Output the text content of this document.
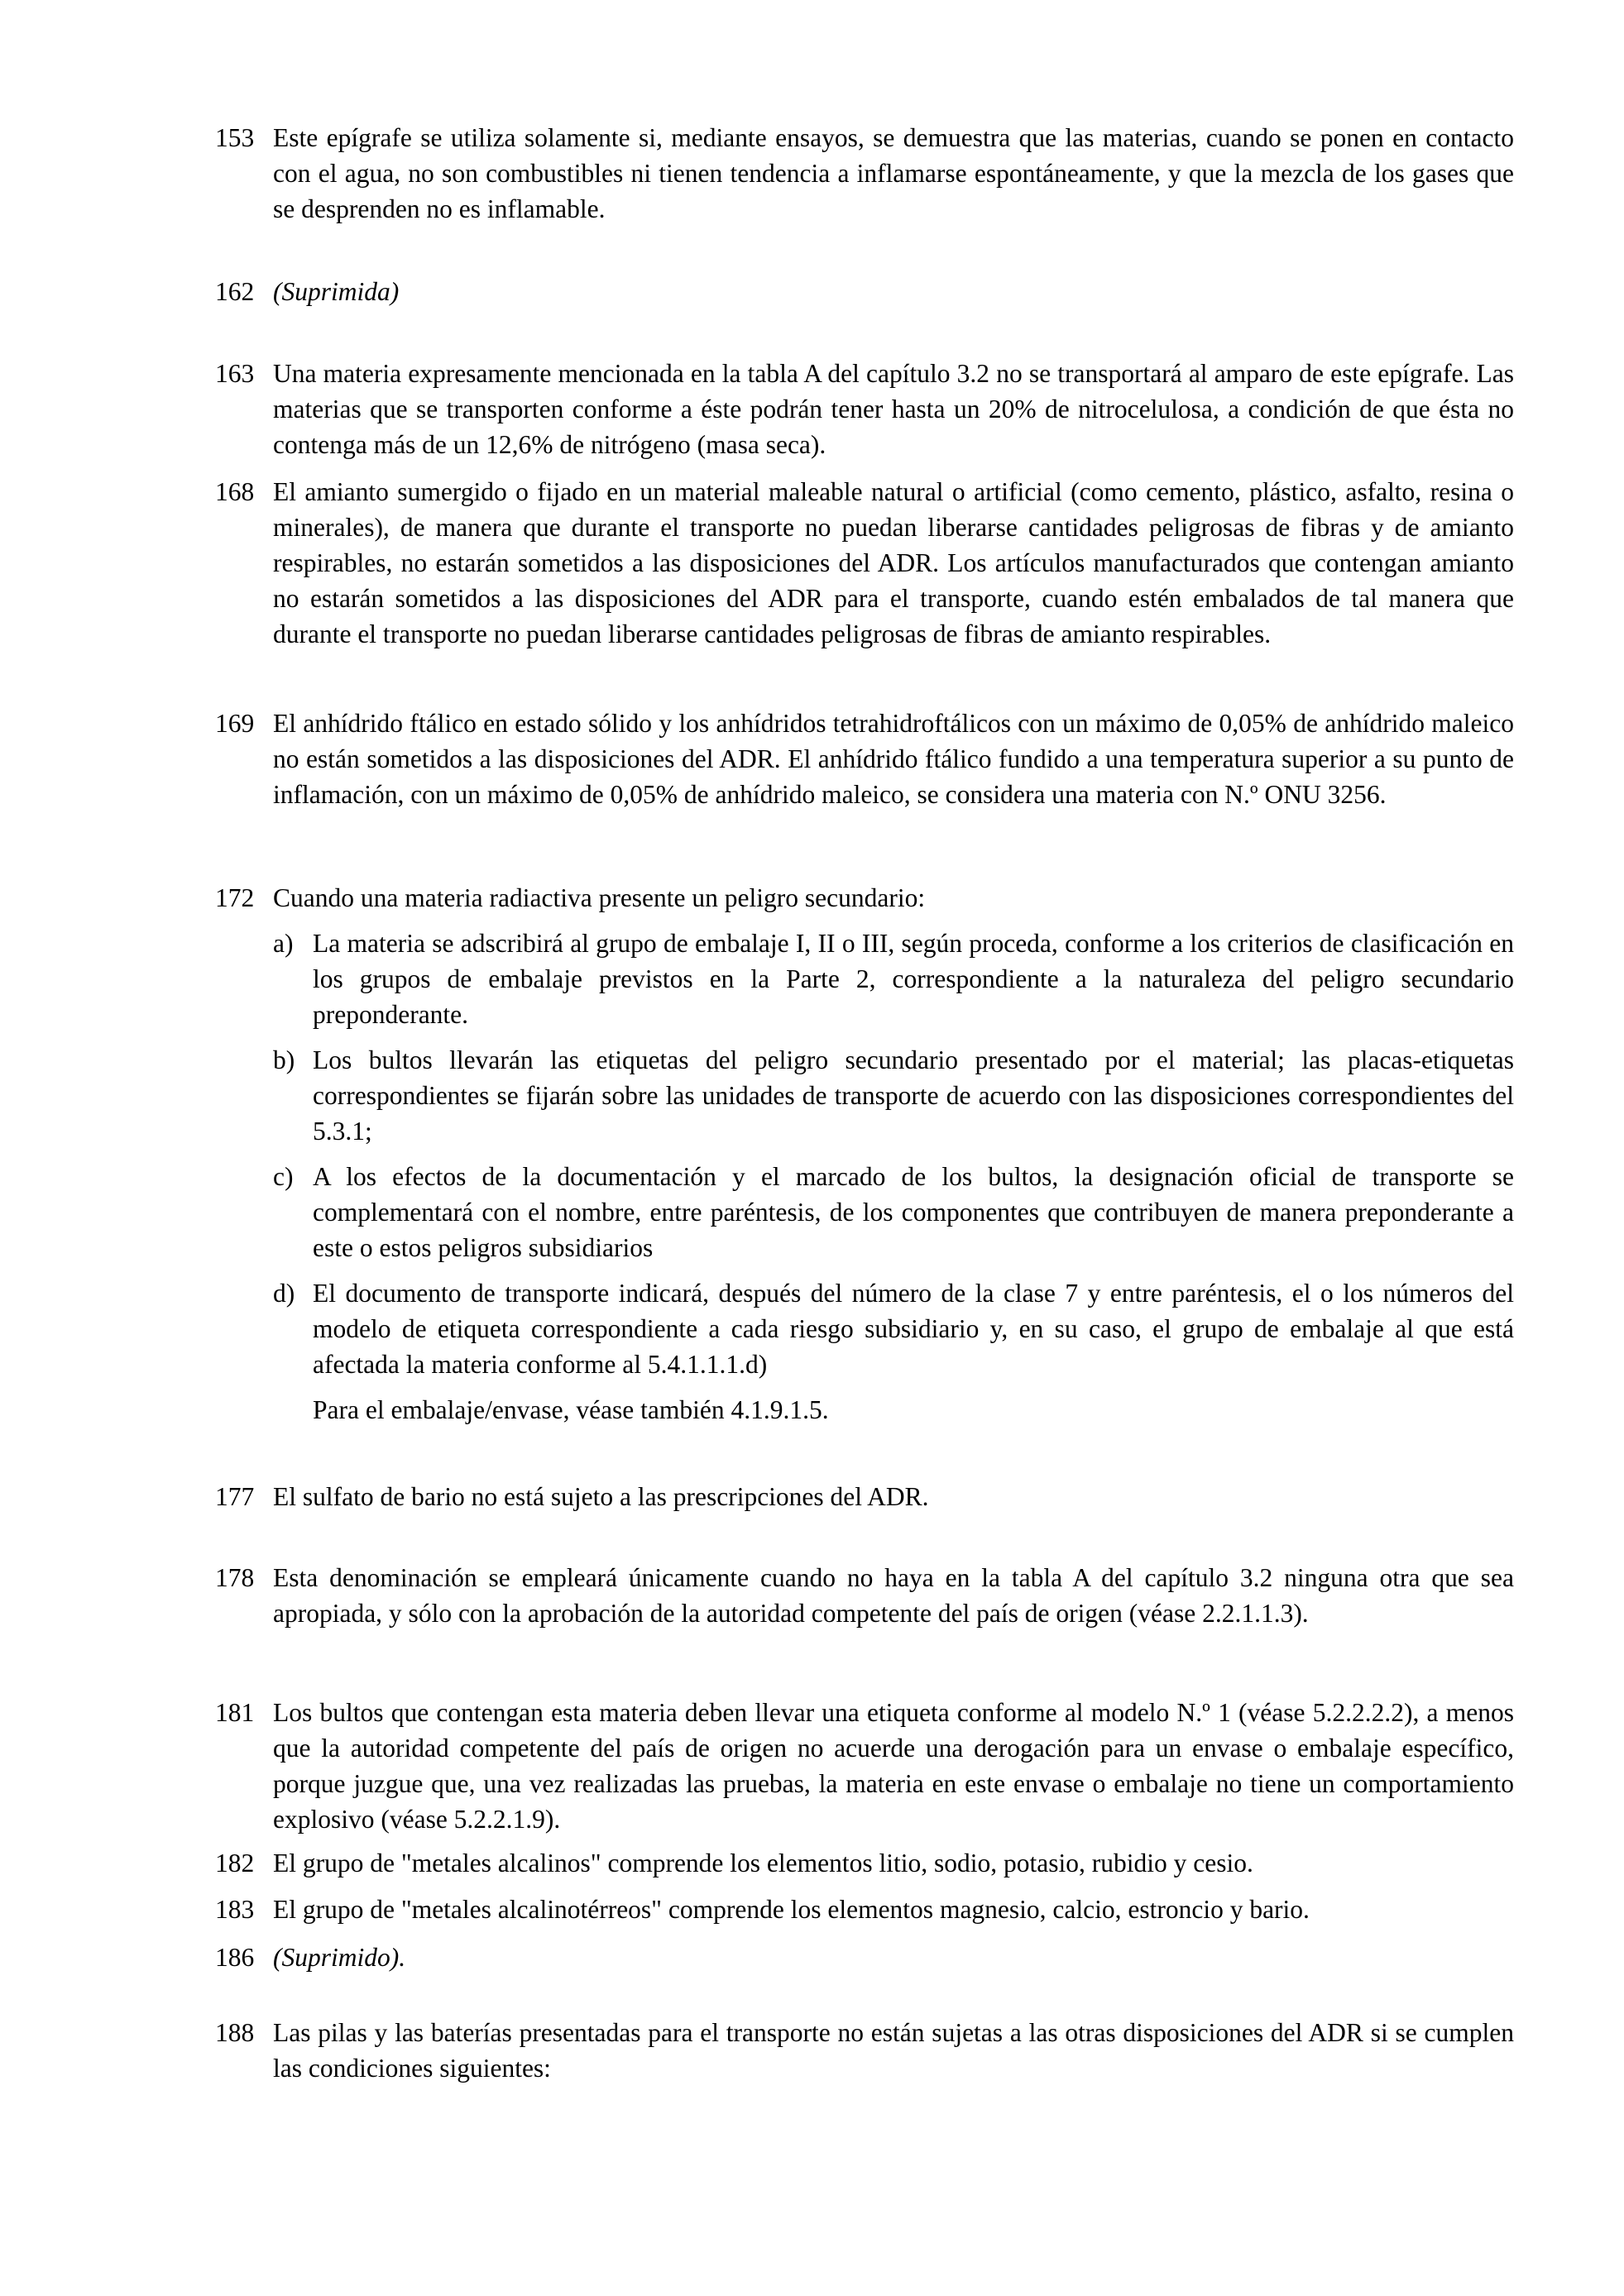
153 Este epígrafe se utiliza solamente si, mediante ensayos, se demuestra que las materias, cuando se ponen en contacto con el agua, no son combustibles ni tienen tendencia a inflamarse espontáneamente, y que la mezcla de los gases que se desprenden no es inflamable.

162 (Suprimida)

163 Una materia expresamente mencionada en la tabla A del capítulo 3.2 no se transportará al amparo de este epígrafe. Las materias que se transporten conforme a éste podrán tener hasta un 20% de nitrocelulosa, a condición de que ésta no contenga más de un 12,6% de nitrógeno (masa seca).

168 El amianto sumergido o fijado en un material maleable natural o artificial (como cemento, plástico, asfalto, resina o minerales), de manera que durante el transporte no puedan liberarse cantidades peligrosas de fibras y de amianto respirables, no estarán sometidos a las disposiciones del ADR. Los artículos manufacturados que contengan amianto no estarán sometidos a las disposiciones del ADR para el transporte, cuando estén embalados de tal manera que durante el transporte no puedan liberarse cantidades peligrosas de fibras de amianto respirables.

169 El anhídrido ftálico en estado sólido y los anhídridos tetrahidroftálicos con un máximo de 0,05% de anhídrido maleico no están sometidos a las disposiciones del ADR. El anhídrido ftálico fundido a una temperatura superior a su punto de inflamación, con un máximo de 0,05% de anhídrido maleico, se considera una materia con N.º ONU 3256.

172 Cuando una materia radiactiva presente un peligro secundario:

a) La materia se adscribirá al grupo de embalaje I, II o III, según proceda, conforme a los criterios de clasificación en los grupos de embalaje previstos en la Parte 2, correspondiente a la naturaleza del peligro secundario preponderante.
b) Los bultos llevarán las etiquetas del peligro secundario presentado por el material; las placas-etiquetas correspondientes se fijarán sobre las unidades de transporte de acuerdo con las disposiciones correspondientes del 5.3.1;
c) A los efectos de la documentación y el marcado de los bultos, la designación oficial de transporte se complementará con el nombre, entre paréntesis, de los componentes que contribuyen de manera preponderante a este o estos peligros subsidiarios
d) El documento de transporte indicará, después del número de la clase 7 y entre paréntesis, el o los números del modelo de etiqueta correspondiente a cada riesgo subsidiario y, en su caso, el grupo de embalaje al que está afectada la materia conforme al 5.4.1.1.1.d)

Para el embalaje/envase, véase también 4.1.9.1.5.

177 El sulfato de bario no está sujeto a las prescripciones del ADR.

178 Esta denominación se empleará únicamente cuando no haya en la tabla A del capítulo 3.2 ninguna otra que sea apropiada, y sólo con la aprobación de la autoridad competente del país de origen (véase 2.2.1.1.3).

181 Los bultos que contengan esta materia deben llevar una etiqueta conforme al modelo N.º 1 (véase 5.2.2.2.2), a menos que la autoridad competente del país de origen no acuerde una derogación para un envase o embalaje específico, porque juzgue que, una vez realizadas las pruebas, la materia en este envase o embalaje no tiene un comportamiento explosivo (véase 5.2.2.1.9).

182 El grupo de "metales alcalinos" comprende los elementos litio, sodio, potasio, rubidio y cesio.

183 El grupo de "metales alcalinotérreos" comprende los elementos magnesio, calcio, estroncio y bario.

186 (Suprimido).

188 Las pilas y las baterías presentadas para el transporte no están sujetas a las otras disposiciones del ADR si se cumplen las condiciones siguientes:
